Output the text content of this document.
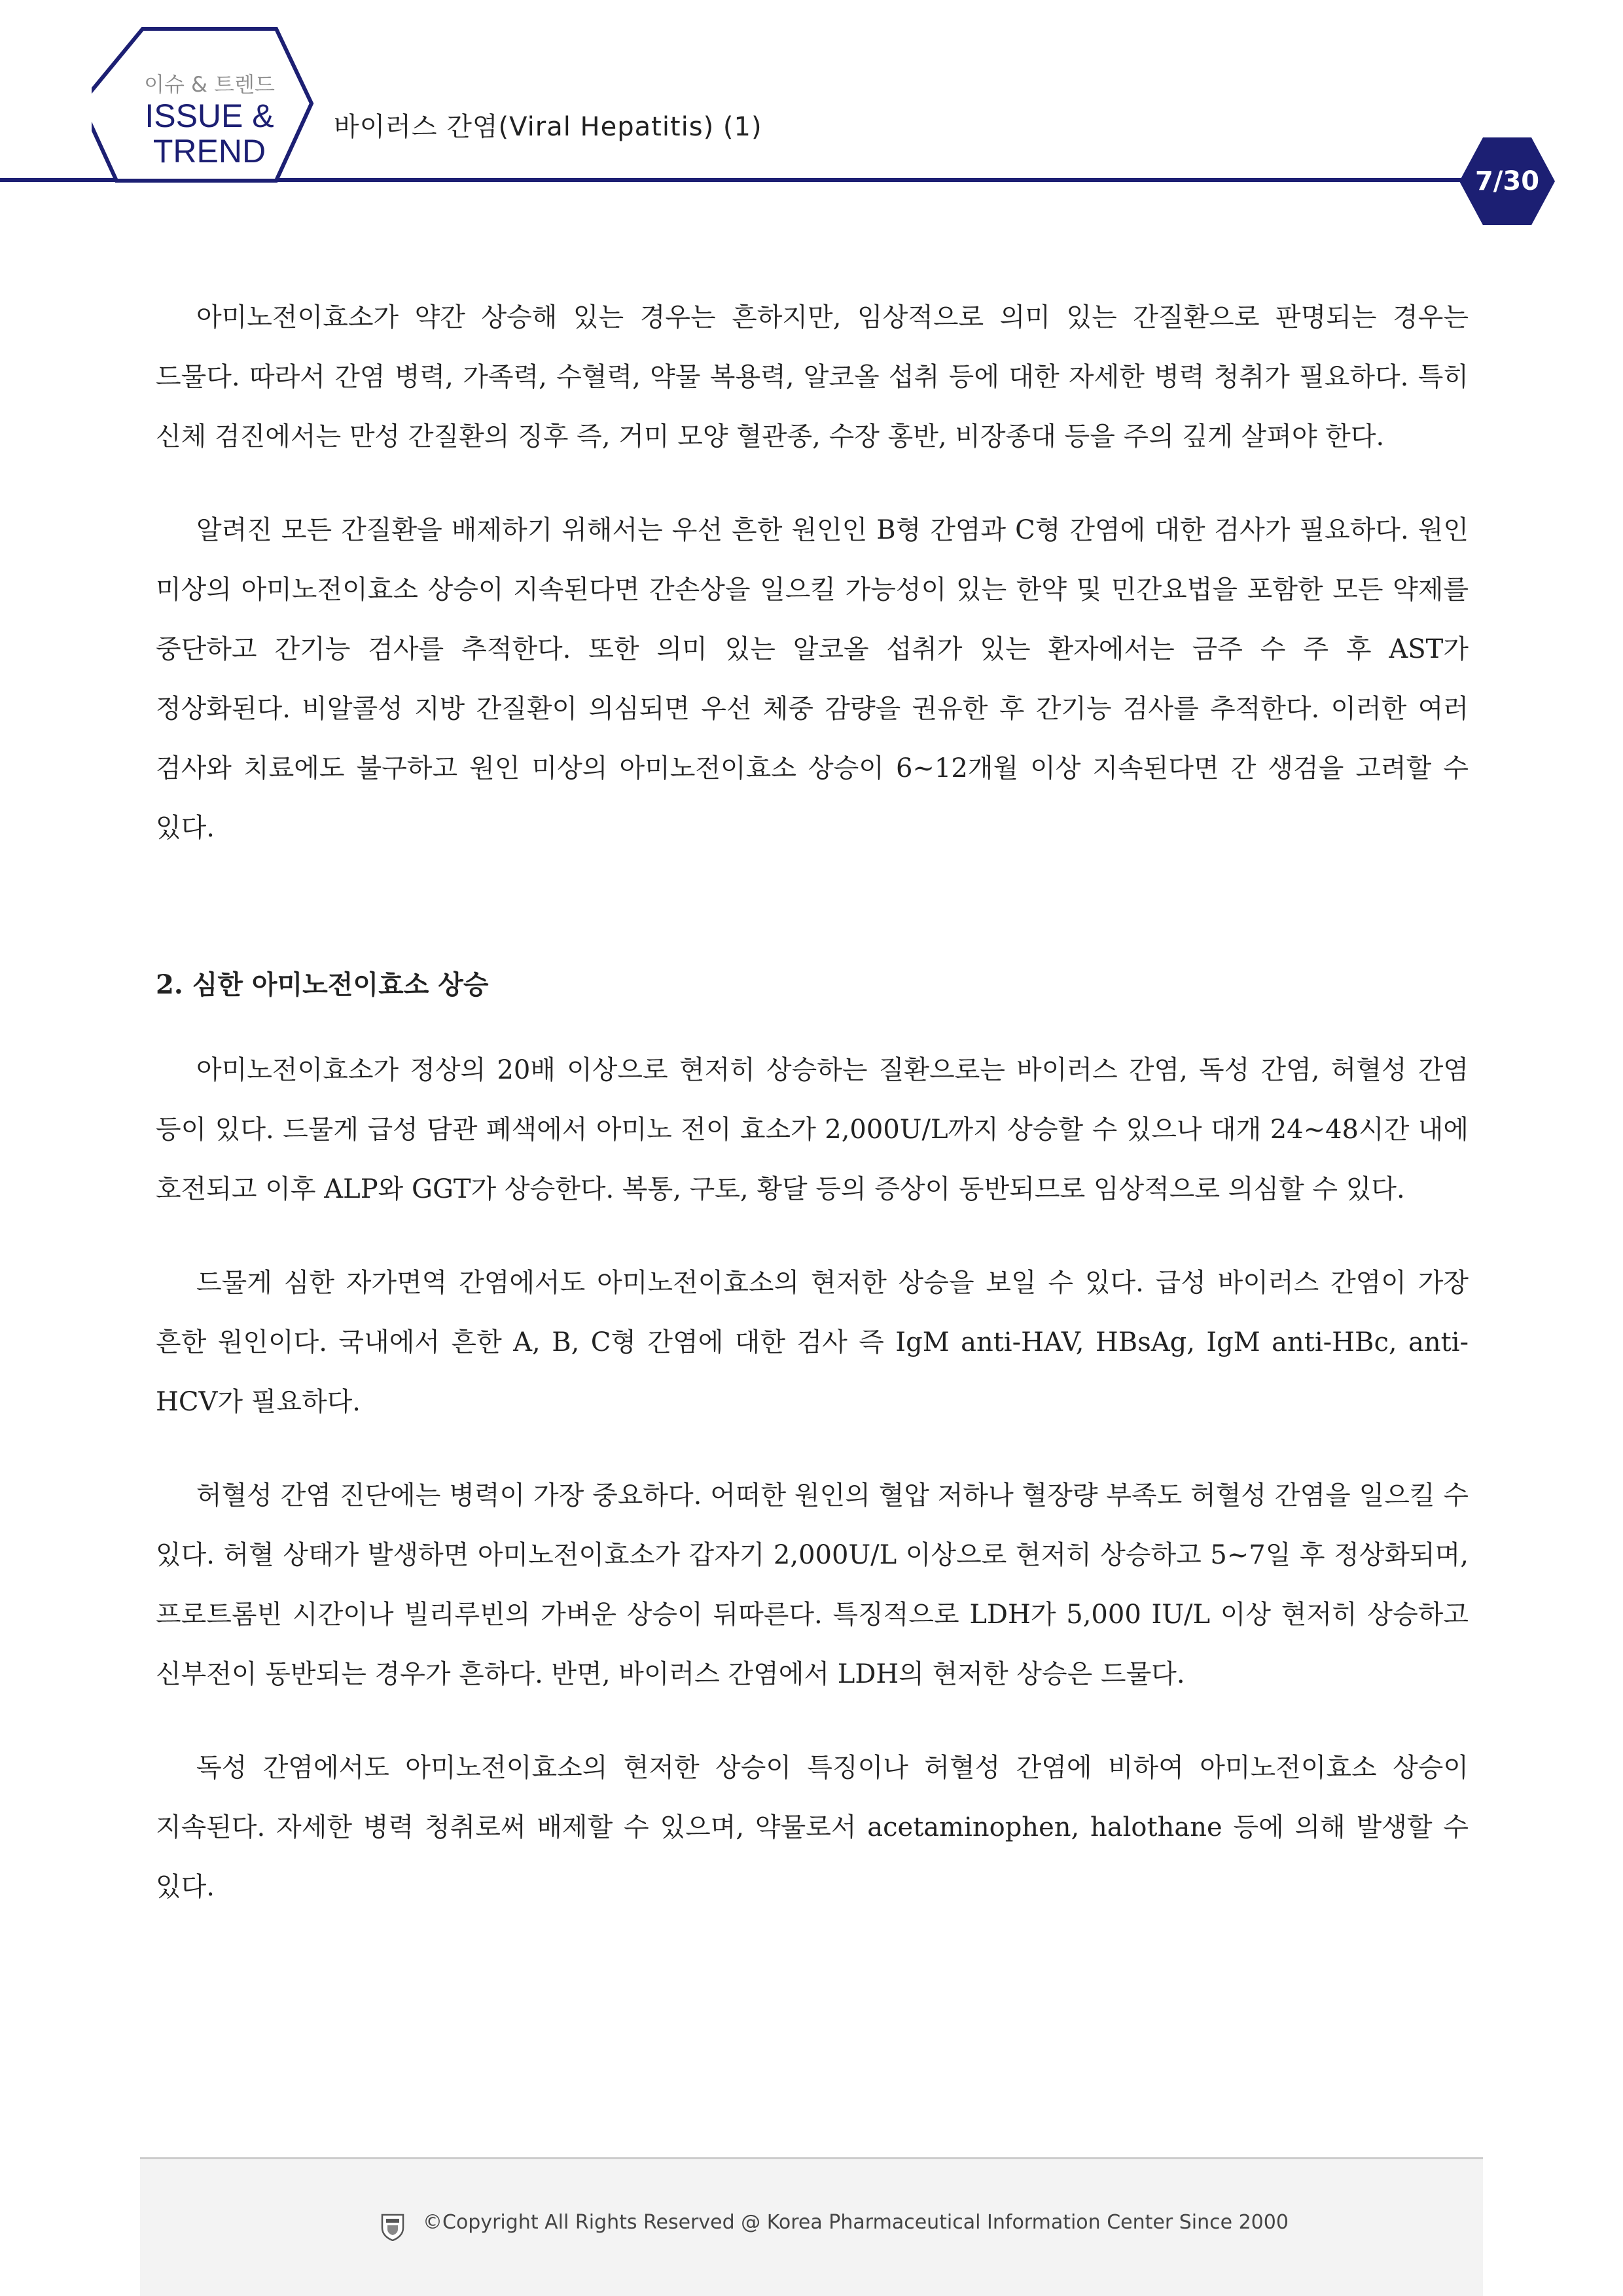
이슈 & 트렌드
ISSUE &
TREND
바이러스 간염(Viral Hepatitis) (1)
7/30

아미노전이효소가 약간 상승해 있는 경우는 흔하지만, 임상적으로 의미 있는 간질환으로 판명되는 경우는 드물다. 따라서 간염 병력, 가족력, 수혈력, 약물 복용력, 알코올 섭취 등에 대한 자세한 병력 청취가 필요하다. 특히 신체 검진에서는 만성 간질환의 징후 즉, 거미 모양 혈관종, 수장 홍반, 비장종대 등을 주의 깊게 살펴야 한다.

알려진 모든 간질환을 배제하기 위해서는 우선 흔한 원인인 B형 간염과 C형 간염에 대한 검사가 필요하다. 원인 미상의 아미노전이효소 상승이 지속된다면 간손상을 일으킬 가능성이 있는 한약 및 민간요법을 포함한 모든 약제를 중단하고 간기능 검사를 추적한다. 또한 의미 있는 알코올 섭취가 있는 환자에서는 금주 수 주 후 AST가 정상화된다. 비알콜성 지방 간질환이 의심되면 우선 체중 감량을 권유한 후 간기능 검사를 추적한다. 이러한 여러 검사와 치료에도 불구하고 원인 미상의 아미노전이효소 상승이 6~12개월 이상 지속된다면 간 생검을 고려할 수 있다.

2. 심한 아미노전이효소 상승

아미노전이효소가 정상의 20배 이상으로 현저히 상승하는 질환으로는 바이러스 간염, 독성 간염, 허혈성 간염 등이 있다. 드물게 급성 담관 폐색에서 아미노 전이 효소가 2,000U/L까지 상승할 수 있으나 대개 24~48시간 내에 호전되고 이후 ALP와 GGT가 상승한다. 복통, 구토, 황달 등의 증상이 동반되므로 임상적으로 의심할 수 있다.

드물게 심한 자가면역 간염에서도 아미노전이효소의 현저한 상승을 보일 수 있다. 급성 바이러스 간염이 가장 흔한 원인이다. 국내에서 흔한 A, B, C형 간염에 대한 검사 즉 IgM anti-HAV, HBsAg, IgM anti-HBc, anti-HCV가 필요하다.

허혈성 간염 진단에는 병력이 가장 중요하다. 어떠한 원인의 혈압 저하나 혈장량 부족도 허혈성 간염을 일으킬 수 있다. 허혈 상태가 발생하면 아미노전이효소가 갑자기 2,000U/L 이상으로 현저히 상승하고 5~7일 후 정상화되며, 프로트롬빈 시간이나 빌리루빈의 가벼운 상승이 뒤따른다. 특징적으로 LDH가 5,000 IU/L 이상 현저히 상승하고 신부전이 동반되는 경우가 흔하다. 반면, 바이러스 간염에서 LDH의 현저한 상승은 드물다.

독성 간염에서도 아미노전이효소의 현저한 상승이 특징이나 허혈성 간염에 비하여 아미노전이효소 상승이 지속된다. 자세한 병력 청취로써 배제할 수 있으며, 약물로서 acetaminophen, halothane 등에 의해 발생할 수 있다.

©Copyright All Rights Reserved @ Korea Pharmaceutical Information Center Since 2000
